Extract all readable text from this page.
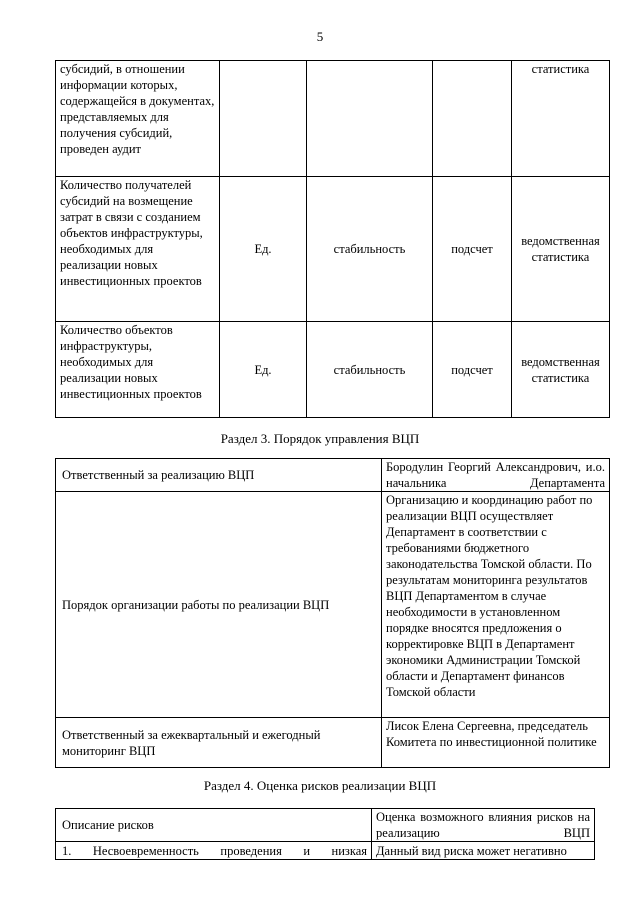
5
субсидий, в отношении информации которых, содержащейся в документах, представляемых для получения субсидий, проведен аудит				статистика
Количество получателей субсидий на возмещение затрат в связи с созданием объектов инфраструктуры, необходимых для реализации новых инвестиционных проектов	Ед.	стабильность	подсчет	ведомственная статистика
Количество объектов инфраструктуры, необходимых для реализации новых инвестиционных проектов	Ед.	стабильность	подсчет	ведомственная статистика
Раздел 3. Порядок управления ВЦП
Ответственный за реализацию ВЦП	Бородулин Георгий Александрович, и.о. начальника Департамента

Порядок организации работы по реализации ВЦП	Организацию и координацию работ по реализации ВЦП осуществляет Департамент в соответствии с требованиями бюджетного законодательства Томской области. По результатам мониторинга результатов ВЦП Департаментом в случае необходимости в установленном порядке вносятся предложения о корректировке ВЦП в Департамент экономики Администрации Томской области и Департамент финансов Томской области
Ответственный за ежеквартальный и ежегодный мониторинг ВЦП	Лисок Елена Сергеевна, председатель Комитета по инвестиционной политике
Раздел 4. Оценка рисков реализации ВЦП
Описание рисков	Оценка возможного влияния рисков на реализацию ВЦП

1. Несвоевременность проведения и низкая	Данный вид риска может негативно
